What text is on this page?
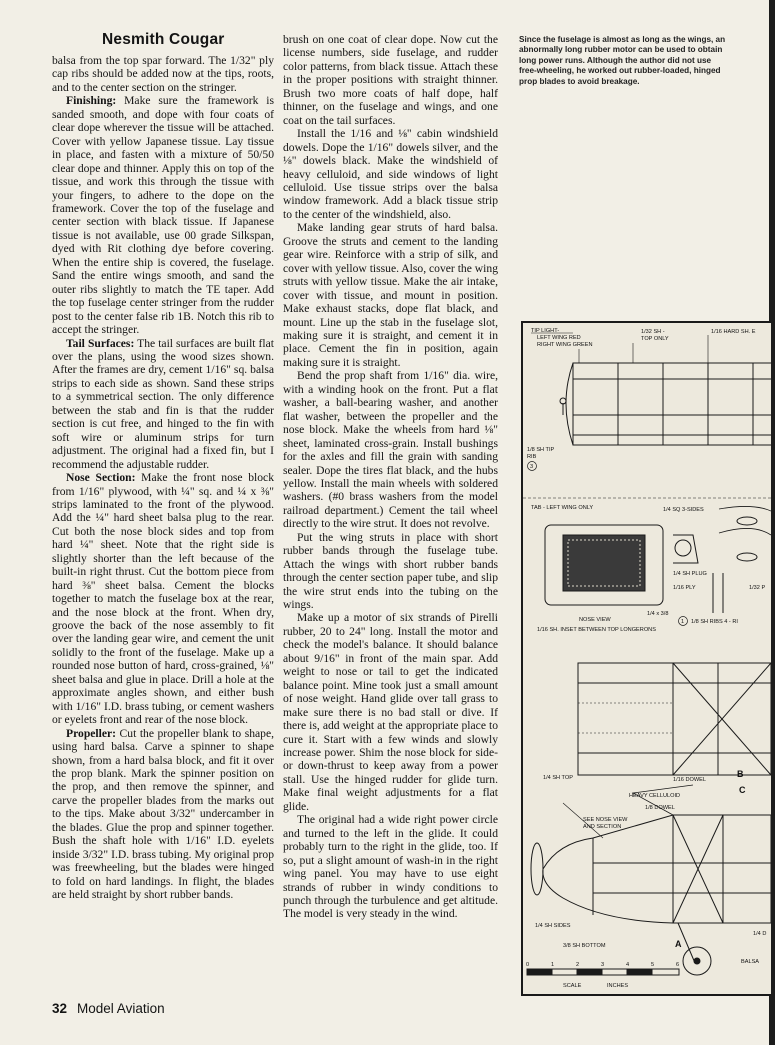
Nesmith Cougar

balsa from the top spar forward. The 1/32" ply cap ribs should be added now at the tips, roots, and to the center section on the stringer.

Finishing: Make sure the framework is sanded smooth, and dope with four coats of clear dope wherever the tissue will be attached. Cover with yellow Japanese tissue. Lay tissue in place, and fasten with a mixture of 50/50 clear dope and thinner. Apply this on top of the tissue, and work this through the tissue with your fingers, to adhere to the dope on the framework. Cover the top of the fuselage and center section with black tissue. If Japanese tissue is not available, use 00 grade Silkspan, dyed with Rit clothing dye before covering. When the entire ship is covered, the fuselage. Sand the entire wings smooth, and sand the outer ribs slightly to match the TE taper. Add the top fuselage center stringer from the rudder post to the center false rib 1B. Notch this rib to accept the stringer.

Tail Surfaces: The tail surfaces are built flat over the plans, using the wood sizes shown. After the frames are dry, cement 1/16" sq. balsa strips to each side as shown. Sand these strips to a symmetrical section. The only difference between the stab and fin is that the rudder section is cut free, and hinged to the fin with soft wire or aluminum strips for turn adjustment. The original had a fixed fin, but I recommend the adjustable rudder.

Nose Section: Make the front nose block from 1/16" plywood, with ¼" sq. and ¼ x ⅜" strips laminated to the front of the plywood. Add the ¼" hard sheet balsa plug to the rear. Cut both the nose block sides and top from hard ¼" sheet. Note that the right side is slightly shorter than the left because of the built-in right thrust. Cut the bottom piece from hard ⅜" sheet balsa. Cement the blocks together to match the fuselage box at the rear, and the nose block at the front. When dry, groove the back of the nose assembly to fit over the landing gear wire, and cement the unit solidly to the front of the fuselage. Make up a rounded nose button of hard, cross-grained, ⅛" sheet balsa and glue in place. Drill a hole at the approximate angles shown, and either bush with 1/16" I.D. brass tubing, or cement washers or eyelets front and rear of the nose block.

Propeller: Cut the propeller blank to shape, using hard balsa. Carve a spinner to shape shown, from a hard balsa block, and fit it over the prop blank. Mark the spinner position on the prop, and then remove the spinner, and carve the propeller blades from the marks out to the tips. Make about 3/32" undercamber in the blades. Glue the prop and spinner together. Bush the shaft hole with 1/16" I.D. eyelets inside 3/32" I.D. brass tubing. My original prop was freewheeling, but the blades were hinged to fold on hard landings. In flight, the blades are held straight by short rubber bands.

brush on one coat of clear dope. Now cut the license numbers, side fuselage, and rudder color patterns, from black tissue. Attach these in the proper positions with straight thinner. Brush two more coats of half dope, half thinner, on the fuselage and wings, and one coat on the tail surfaces.

Install the 1/16 and ⅛" cabin windshield dowels. Dope the 1/16" dowels silver, and the ⅛" dowels black. Make the windshield of heavy celluloid, and side windows of light celluloid. Use tissue strips over the balsa window framework. Add a black tissue strip to the center of the windshield, also.

Make landing gear struts of hard balsa. Groove the struts and cement to the landing gear wire. Reinforce with a strip of silk, and cover with yellow tissue. Also, cover the wing struts with yellow tissue. Make the air intake, cover with tissue, and mount in position. Make exhaust stacks, dope flat black, and mount. Line up the stab in the fuselage slot, making sure it is straight, and cement it in place. Cement the fin in position, again making sure it is straight.

Bend the prop shaft from 1/16" dia. wire, with a winding hook on the front. Put a flat washer, a ball-bearing washer, and another flat washer, between the propeller and the nose block. Make the wheels from hard ⅛" sheet, laminated cross-grain. Install bushings for the axles and fill the grain with sanding sealer. Dope the tires flat black, and the hubs yellow. Install the main wheels with soldered washers. (#0 brass washers from the model railroad department.) Cement the tail wheel directly to the wire strut. It does not revolve.

Put the wing struts in place with short rubber bands through the fuselage tube. Attach the wings with short rubber bands through the center section paper tube, and slip the wire strut ends into the tubing on the wings.

Make up a motor of six strands of Pirelli rubber, 20 to 24" long. Install the motor and check the model's balance. It should balance about 9/16" in front of the main spar. Add weight to nose or tail to get the indicated balance point. Mine took just a small amount of nose weight. Hand glide over tall grass to make sure there is no bad stall or dive. If there is, add weight at the appropriate place to cure it. Start with a few winds and slowly increase power. Shim the nose block for side- or down-thrust to keep away from a power stall. Use the hinged rudder for glide turn. Make final weight adjustments for a flat glide.

The original had a wide right power circle and turned to the left in the glide. It could probably turn to the right in the glide, too. If so, put a slight amount of wash-in in the right wing panel. You may have to use eight strands of rubber in windy conditions to punch through the turbulence and get altitude. The model is very steady in the wind.

Since the fuselage is almost as long as the wings, an abnormally long rubber motor can be used to obtain long power runs. Although the author did not use free-wheeling, he worked out rubber-loaded, hinged prop blades to avoid breakage.
TIP LIGHT-
LEFT WING RED
RIGHT WING GREEN
1/32 SH -
TOP ONLY
1/16 HARD SH. E
1/8 SH TIP
RIB
3
TAB - LEFT WING ONLY	1/4 SQ 3-SIDES
1/4 SH PLUG
1/16 PLY
1/4 x 3/8
NOSE VIEW
1/32 P
1 1/8 SH RIBS 4 - RI
1/16 SH. INSET BETWEEN TOP LONGERONS
1/4 SH TOP	1/16 DOWEL
HEAVY CELLULOID
1/8 DOWEL
SEE NOSE VIEW
AND SECTION
1/4 SH SIDES
3/8 SH BOTTOM
1/4 D
BALSA
B
C
A
0	1	2	3	4	5	6
SCALE	INCHES
32 Model Aviation
